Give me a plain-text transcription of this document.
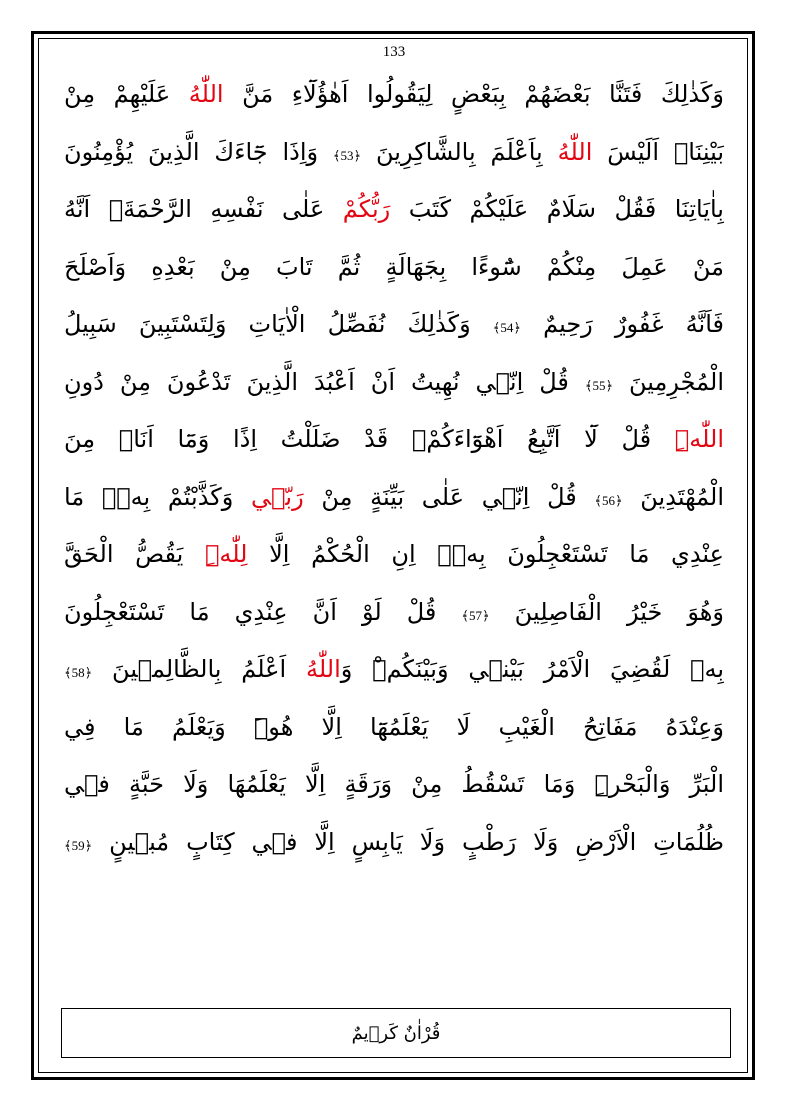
133
وَكَذٰلِكَ فَتَنَّا بَعْضَهُمْ بِبَعْضٍ لِيَقُولُوا اَهٰؤُلَٓاءِ مَنَّ اللّٰهُ عَلَيْهِمْ مِنْ
بَيْنِنَاۜ اَلَيْسَ اللّٰهُ بِاَعْلَمَ بِالشَّاكِرِينَ ﴿53﴾ وَاِذَا جَٓاءَكَ الَّذِينَ يُؤْمِنُونَ
بِاٰيَاتِنَا فَقُلْ سَلَامٌ عَلَيْكُمْ كَتَبَ رَبُّكُمْ عَلٰى نَفْسِهِ الرَّحْمَةَۙ اَنَّهُ
مَنْ عَمِلَ مِنْكُمْ سُٓوءًا بِجَهَالَةٍ ثُمَّ تَابَ مِنْ بَعْدِهِ وَاَصْلَحَ
فَاَنَّهُ غَفُورٌ رَحِيمٌ ﴿54﴾ وَكَذٰلِكَ نُفَصِّلُ الْاٰيَاتِ وَلِتَسْتَبِينَ سَبِيلُ
الْمُجْرِمِينَ ﴿55﴾ قُلْ اِنّ۪ي نُهِيتُ اَنْ اَعْبُدَ الَّذِينَ تَدْعُونَ مِنْ دُونِ
اللّٰهِۜ قُلْ لَٓا اَتَّبِعُ اَهْوَٓاءَكُمْۙ قَدْ ضَلَلْتُ اِذًا وَمَٓا اَنَا۬ مِنَ
الْمُهْتَدِينَ ﴿56﴾ قُلْ اِنّ۪ي عَلٰى بَيِّنَةٍ مِنْ رَبّ۪ي وَكَذَّبْتُمْ بِه۪ۜ مَا
عِنْدِي مَا تَسْتَعْجِلُونَ بِه۪ۜ اِنِ الْحُكْمُ اِلَّا لِلّٰهِۜ يَقُصُّ الْحَقَّ
وَهُوَ خَيْرُ الْفَاصِلِينَ ﴿57﴾ قُلْ لَوْ اَنَّ عِنْدِي مَا تَسْتَعْجِلُونَ
بِه۪ لَقُضِيَ الْاَمْرُ بَيْن۪ي وَبَيْنَكُمْۜ وَاللّٰهُ اَعْلَمُ بِالظَّالِم۪ينَ ﴿58﴾
وَعِنْدَهُ مَفَاتِحُ الْغَيْبِ لَا يَعْلَمُهَٓا اِلَّا هُوَۜ وَيَعْلَمُ مَا فِي
الْبَرِّ وَالْبَحْرِۜ وَمَا تَسْقُطُ مِنْ وَرَقَةٍ اِلَّا يَعْلَمُهَا وَلَا حَبَّةٍ ف۪ي
ظُلُمَاتِ الْاَرْضِ وَلَا رَطْبٍ وَلَا يَابِسٍ اِلَّا ف۪ي كِتَابٍ مُب۪ينٍ ﴿59﴾
قُرْاٰنٌ كَر۪يمٌ
